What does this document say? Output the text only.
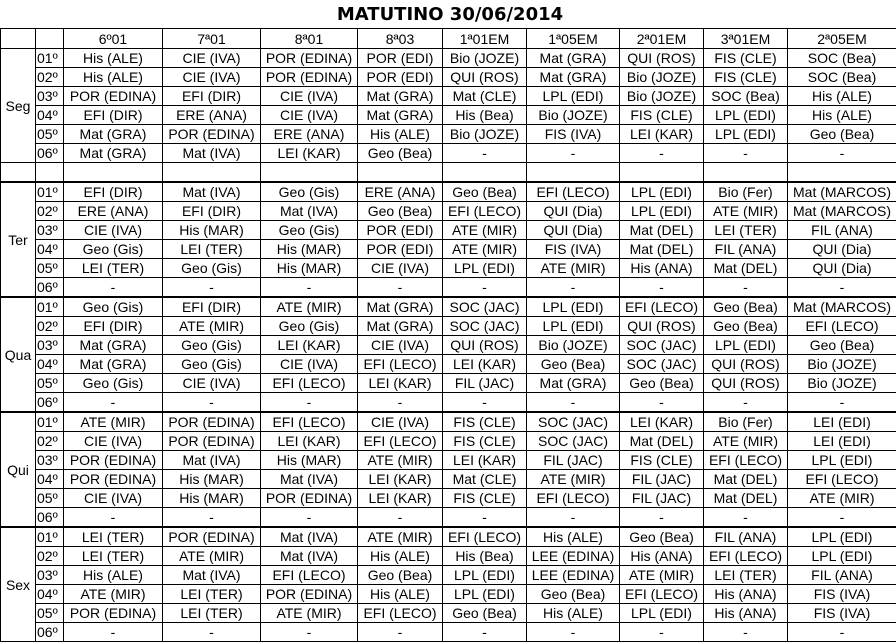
MATUTINO 30/06/2014
		6º01	7ª01	8ª01	8ª03	1ª01EM	1ª05EM	2ª01EM	3ª01EM	2ª05EM
Seg	01º	His (ALE)	CIE (IVA)	POR (EDINA)	POR (EDI)	Bio (JOZE)	Mat (GRA)	QUI (ROS)	FIS (CLE)	SOC (Bea)
	02º	His (ALE)	CIE (IVA)	POR (EDINA)	POR (EDI)	QUI (ROS)	Mat (GRA)	Bio (JOZE)	FIS (CLE)	SOC (Bea)
	03º	POR (EDINA)	EFI (DIR)	CIE (IVA)	Mat (GRA)	Mat (CLE)	LPL (EDI)	Bio (JOZE)	SOC (Bea)	His (ALE)
	04º	EFI (DIR)	ERE (ANA)	CIE (IVA)	Mat (GRA)	His (Bea)	Bio (JOZE)	FIS (CLE)	LPL (EDI)	His (ALE)
	05º	Mat (GRA)	POR (EDINA)	ERE (ANA)	His (ALE)	Bio (JOZE)	FIS (IVA)	LEI (KAR)	LPL (EDI)	Geo (Bea)
	06º	Mat (GRA)	Mat (IVA)	LEI (KAR)	Geo (Bea)	-	-	-	-	-

Ter	01º	EFI (DIR)	Mat (IVA)	Geo (Gis)	ERE (ANA)	Geo (Bea)	EFI (LECO)	LPL (EDI)	Bio (Fer)	Mat (MARCOS)
	02º	ERE (ANA)	EFI (DIR)	Mat (IVA)	Geo (Bea)	EFI (LECO)	QUI (Dia)	LPL (EDI)	ATE (MIR)	Mat (MARCOS)
	03º	CIE (IVA)	His (MAR)	Geo (Gis)	POR (EDI)	ATE (MIR)	QUI (Dia)	Mat (DEL)	LEI (TER)	FIL (ANA)
	04º	Geo (Gis)	LEI (TER)	His (MAR)	POR (EDI)	ATE (MIR)	FIS (IVA)	Mat (DEL)	FIL (ANA)	QUI (Dia)
	05º	LEI (TER)	Geo (Gis)	His (MAR)	CIE (IVA)	LPL (EDI)	ATE (MIR)	His (ANA)	Mat (DEL)	QUI (Dia)
	06º	-	-	-	-	-	-	-	-	-
Qua	01º	Geo (Gis)	EFI (DIR)	ATE (MIR)	Mat (GRA)	SOC (JAC)	LPL (EDI)	EFI (LECO)	Geo (Bea)	Mat (MARCOS)
	02º	EFI (DIR)	ATE (MIR)	Geo (Gis)	Mat (GRA)	SOC (JAC)	LPL (EDI)	QUI (ROS)	Geo (Bea)	EFI (LECO)
	03º	Mat (GRA)	Geo (Gis)	LEI (KAR)	CIE (IVA)	QUI (ROS)	Bio (JOZE)	SOC (JAC)	LPL (EDI)	Geo (Bea)
	04º	Mat (GRA)	Geo (Gis)	CIE (IVA)	EFI (LECO)	LEI (KAR)	Geo (Bea)	SOC (JAC)	QUI (ROS)	Bio (JOZE)
	05º	Geo (Gis)	CIE (IVA)	EFI (LECO)	LEI (KAR)	FIL (JAC)	Mat (GRA)	Geo (Bea)	QUI (ROS)	Bio (JOZE)
	06º	-	-	-	-	-	-	-	-	-
Qui	01º	ATE (MIR)	POR (EDINA)	EFI (LECO)	CIE (IVA)	FIS (CLE)	SOC (JAC)	LEI (KAR)	Bio (Fer)	LEI (EDI)
	02º	CIE (IVA)	POR (EDINA)	LEI (KAR)	EFI (LECO)	FIS (CLE)	SOC (JAC)	Mat (DEL)	ATE (MIR)	LEI (EDI)
	03º	POR (EDINA)	Mat (IVA)	His (MAR)	ATE (MIR)	LEI (KAR)	FIL (JAC)	FIS (CLE)	EFI (LECO)	LPL (EDI)
	04º	POR (EDINA)	His (MAR)	Mat (IVA)	LEI (KAR)	Mat (CLE)	ATE (MIR)	FIL (JAC)	Mat (DEL)	EFI (LECO)
	05º	CIE (IVA)	His (MAR)	POR (EDINA)	LEI (KAR)	FIS (CLE)	EFI (LECO)	FIL (JAC)	Mat (DEL)	ATE (MIR)
	06º	-	-	-	-	-	-	-	-	-
Sex	01º	LEI (TER)	POR (EDINA)	Mat (IVA)	ATE (MIR)	EFI (LECO)	His (ALE)	Geo (Bea)	FIL (ANA)	LPL (EDI)
	02º	LEI (TER)	ATE (MIR)	Mat (IVA)	His (ALE)	His (Bea)	LEE (EDINA)	His (ANA)	EFI (LECO)	LPL (EDI)
	03º	His (ALE)	Mat (IVA)	EFI (LECO)	Geo (Bea)	LPL (EDI)	LEE (EDINA)	ATE (MIR)	LEI (TER)	FIL (ANA)
	04º	ATE (MIR)	LEI (TER)	POR (EDINA)	His (ALE)	LPL (EDI)	Geo (Bea)	EFI (LECO)	His (ANA)	FIS (IVA)
	05º	POR (EDINA)	LEI (TER)	ATE (MIR)	EFI (LECO)	Geo (Bea)	His (ALE)	LPL (EDI)	His (ANA)	FIS (IVA)
	06º	-	-	-	-	-	-	-	-	-
